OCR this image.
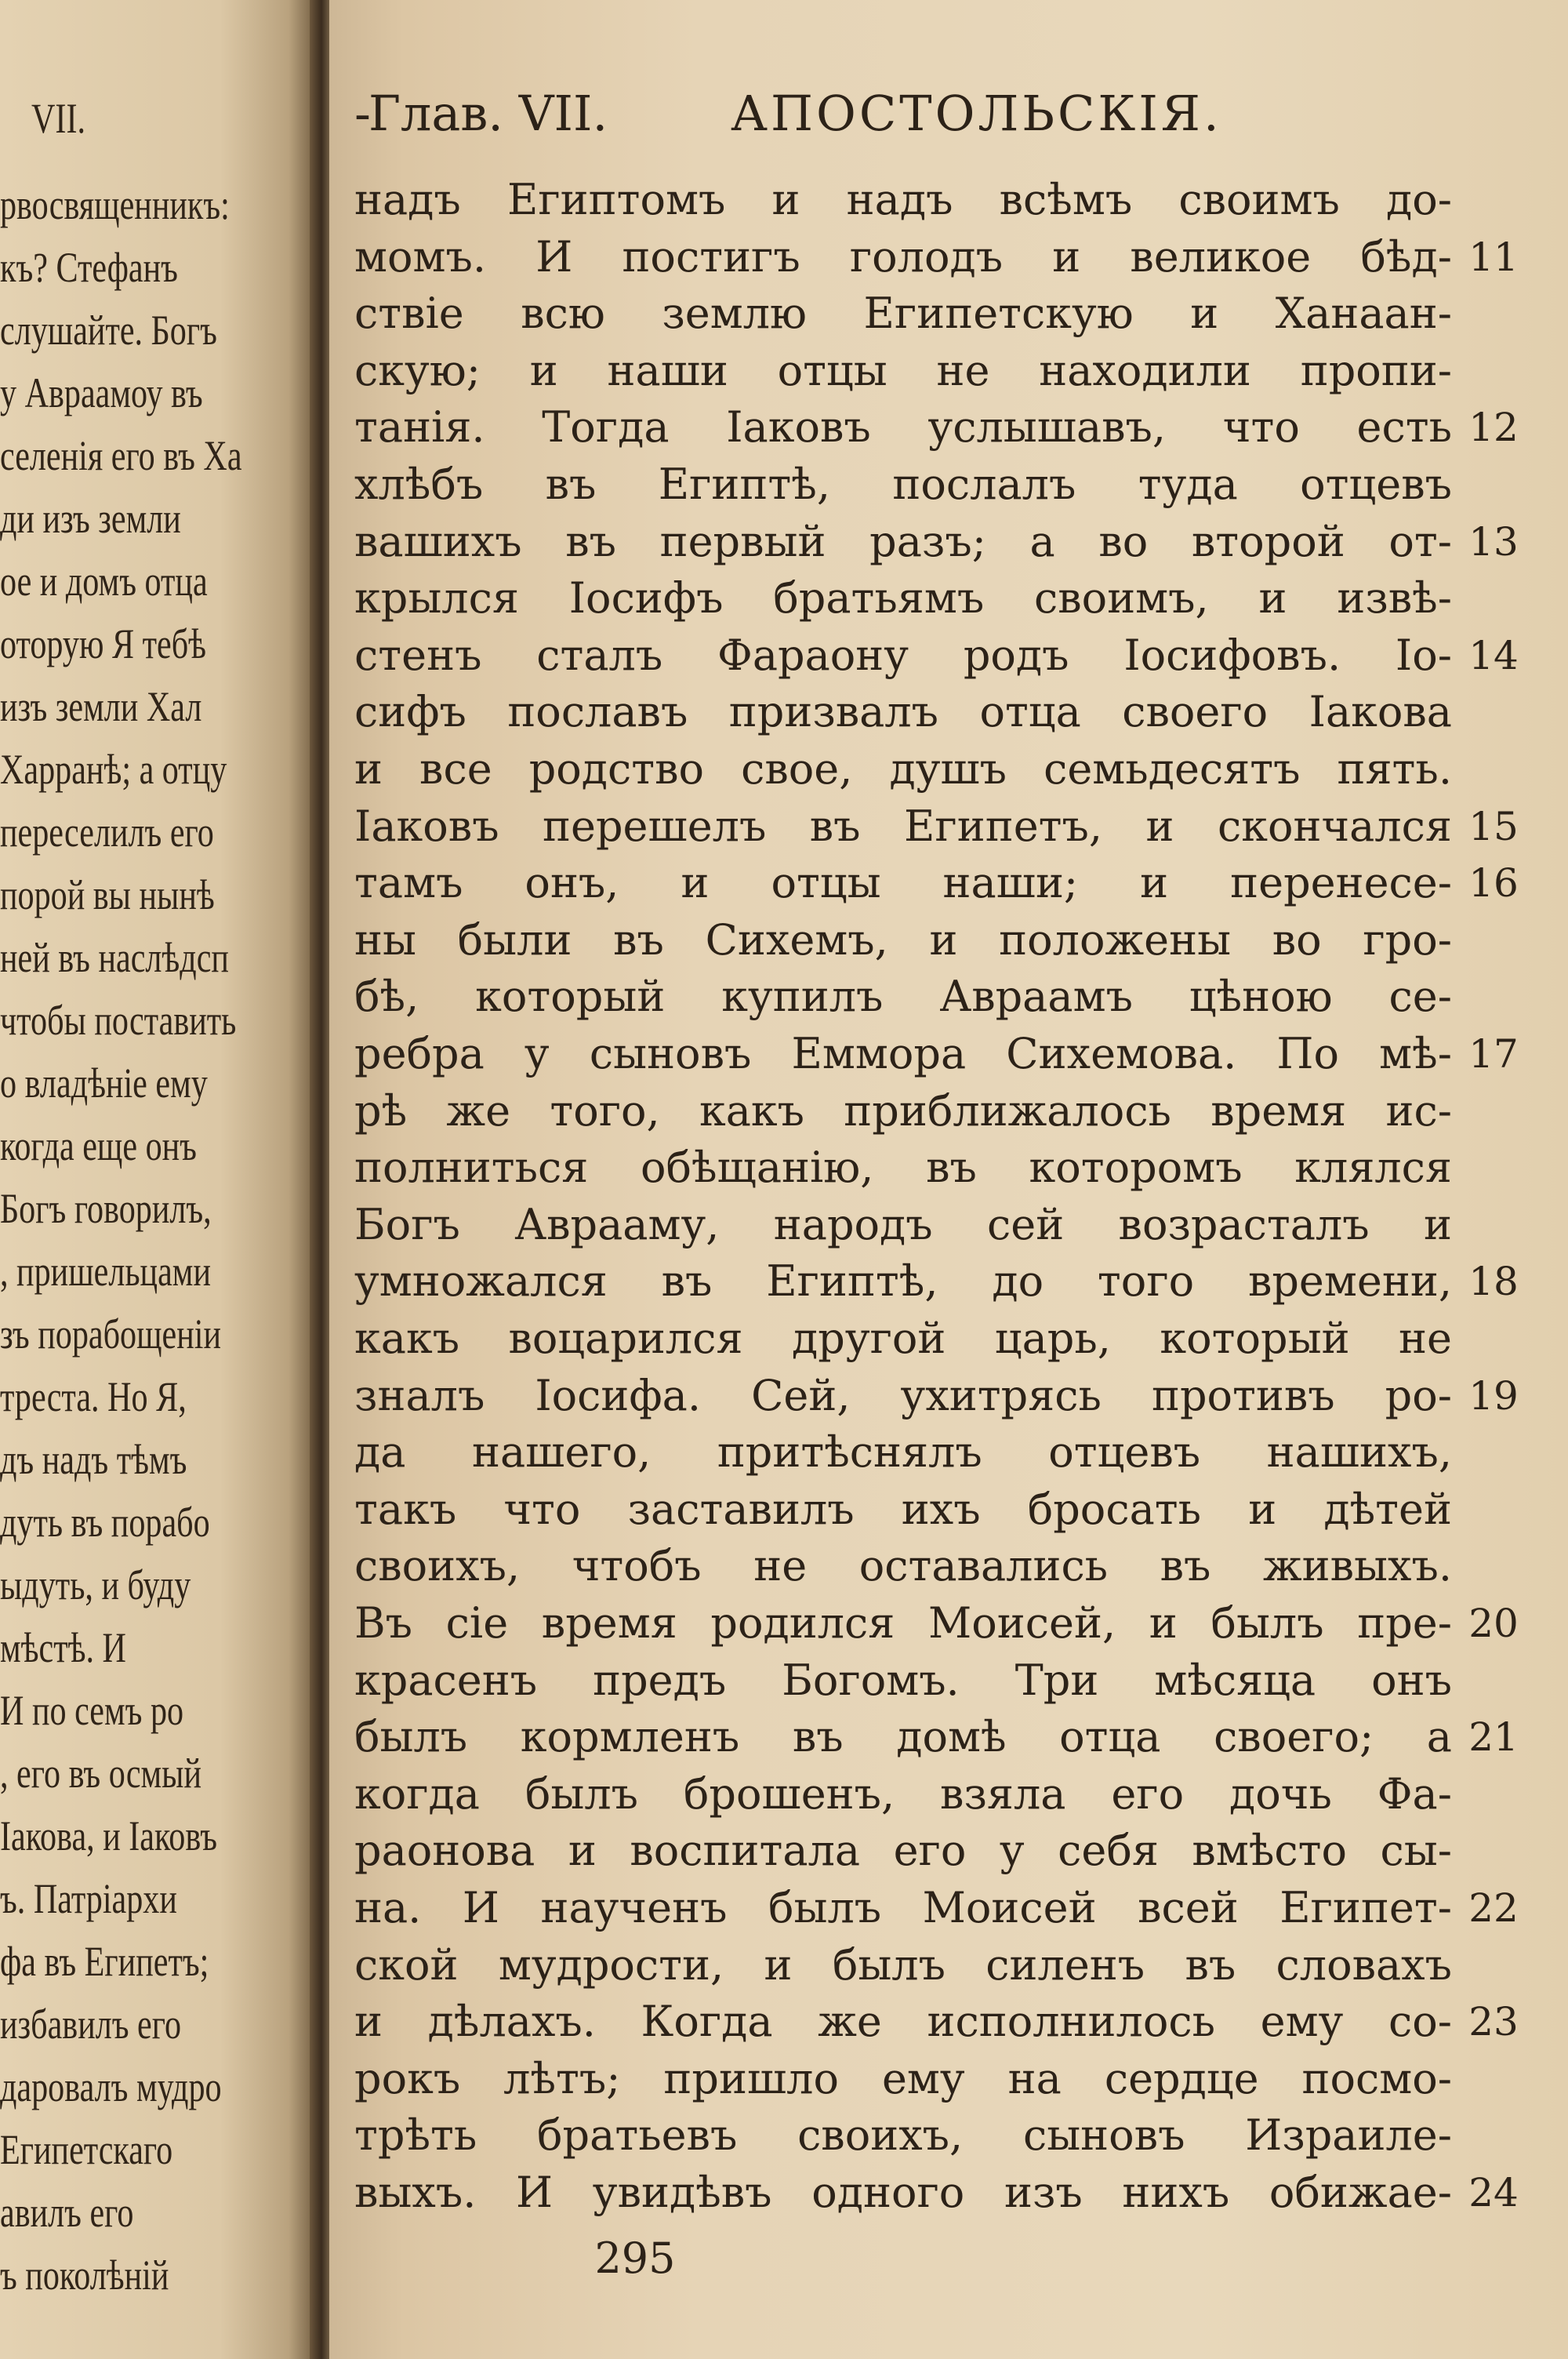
VII.
рвосвященникъ:
къ? Стефанъ
слушайте. Богъ
у Авраамоу въ
селенія его въ Ха
ди изъ земли
ое и домъ отца
оторую Я тебѣ
изъ земли Хал
Харранѣ; а отцу
переселилъ его
порой вы нынѣ
ней въ наслѣдсп
чтобы поставить
о владѣніе ему
когда еще онъ
Богъ говорилъ,
, пришельцами
зъ порабощеніи
треста. Но Я,
дъ надъ тѣмъ
дуть въ порабо
ыдуть, и буду
мѣстѣ. И
И по семъ ро
, его въ осмый
Іакова, и Іаковъ
ъ. Патріархи
фа въ Египетъ;
избавилъ его
даровалъ мудро
Египетскаго
авилъ его
ъ поколѣній
-
Глав. VII.	АПОСТОЛЬСКІЯ.
надъ Египтомъ и надъ всѣмъ своимъ до-
момъ. И постигъ голодъ и великое бѣд- 11
ствіе всю землю Египетскую и Ханаан-
скую; и наши отцы не находили пропи-
танія. Тогда Іаковъ услышавъ, что есть 12
хлѣбъ въ Египтѣ, послалъ туда отцевъ
вашихъ въ первый разъ; а во второй от- 13
крылся Іосифъ братьямъ своимъ, и извѣ-
стенъ сталъ Фараону родъ Іосифовъ. Іо- 14
сифъ пославъ призвалъ отца своего Іакова
и все родство свое, душъ семьдесятъ пять.
Іаковъ перешелъ въ Египетъ, и скончался 15
тамъ онъ, и отцы наши; и перенесе- 16
ны были въ Сихемъ, и положены во гро-
бѣ, который купилъ Авраамъ цѣною се-
ребра у сыновъ Еммора Сихемова. По мѣ- 17
рѣ же того, какъ приближалось время ис-
полниться обѣщанію, въ которомъ клялся
Богъ Аврааму, народъ сей возрасталъ и
умножался въ Египтѣ, до того времени, 18
какъ воцарился другой царь, который не
зналъ Іосифа. Сей, ухитрясь противъ ро- 19
да нашего, притѣснялъ отцевъ нашихъ,
такъ что заставилъ ихъ бросать и дѣтей
своихъ, чтобъ не оставались въ живыхъ.
Въ сіе время родился Моисей, и былъ пре- 20
красенъ предъ Богомъ. Три мѣсяца онъ
былъ кормленъ въ домѣ отца своего; а 21
когда былъ брошенъ, взяла его дочь Фа-
раонова и воспитала его у себя вмѣсто сы-
на. И наученъ былъ Моисей всей Египет- 22
ской мудрости, и былъ силенъ въ словахъ
и дѣлахъ. Когда же исполнилось ему со- 23
рокъ лѣтъ; пришло ему на сердце посмо-
трѣть братьевъ своихъ, сыновъ Израиле-
выхъ. И увидѣвъ одного изъ нихъ обижае- 24
295
